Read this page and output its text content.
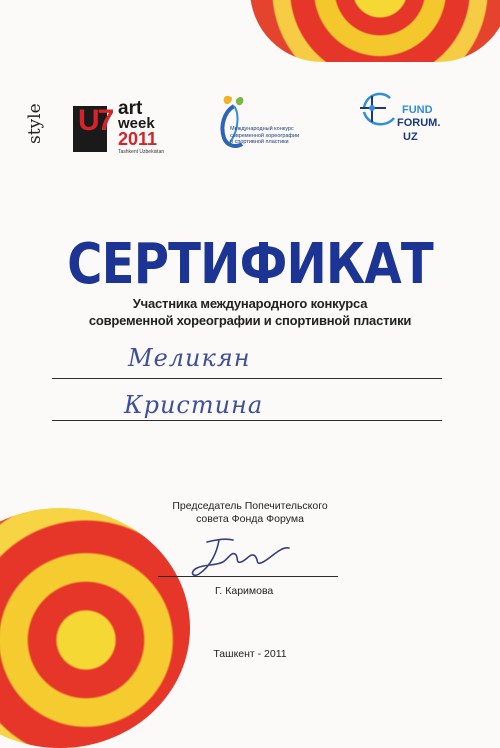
style U7 art
week
2011
Tashkent Uzbekistan
Международный конкурс
современной хореографии
и спортивной пластики
FUND
FORUM.
UZ
СЕРТИФИКАТ
Участника международного конкурса
современной хореографии и спортивной пластики
Меликян
Кристина
Председатель Попечительского
совета Фонда Форума
Г. Каримова
Ташкент - 2011
